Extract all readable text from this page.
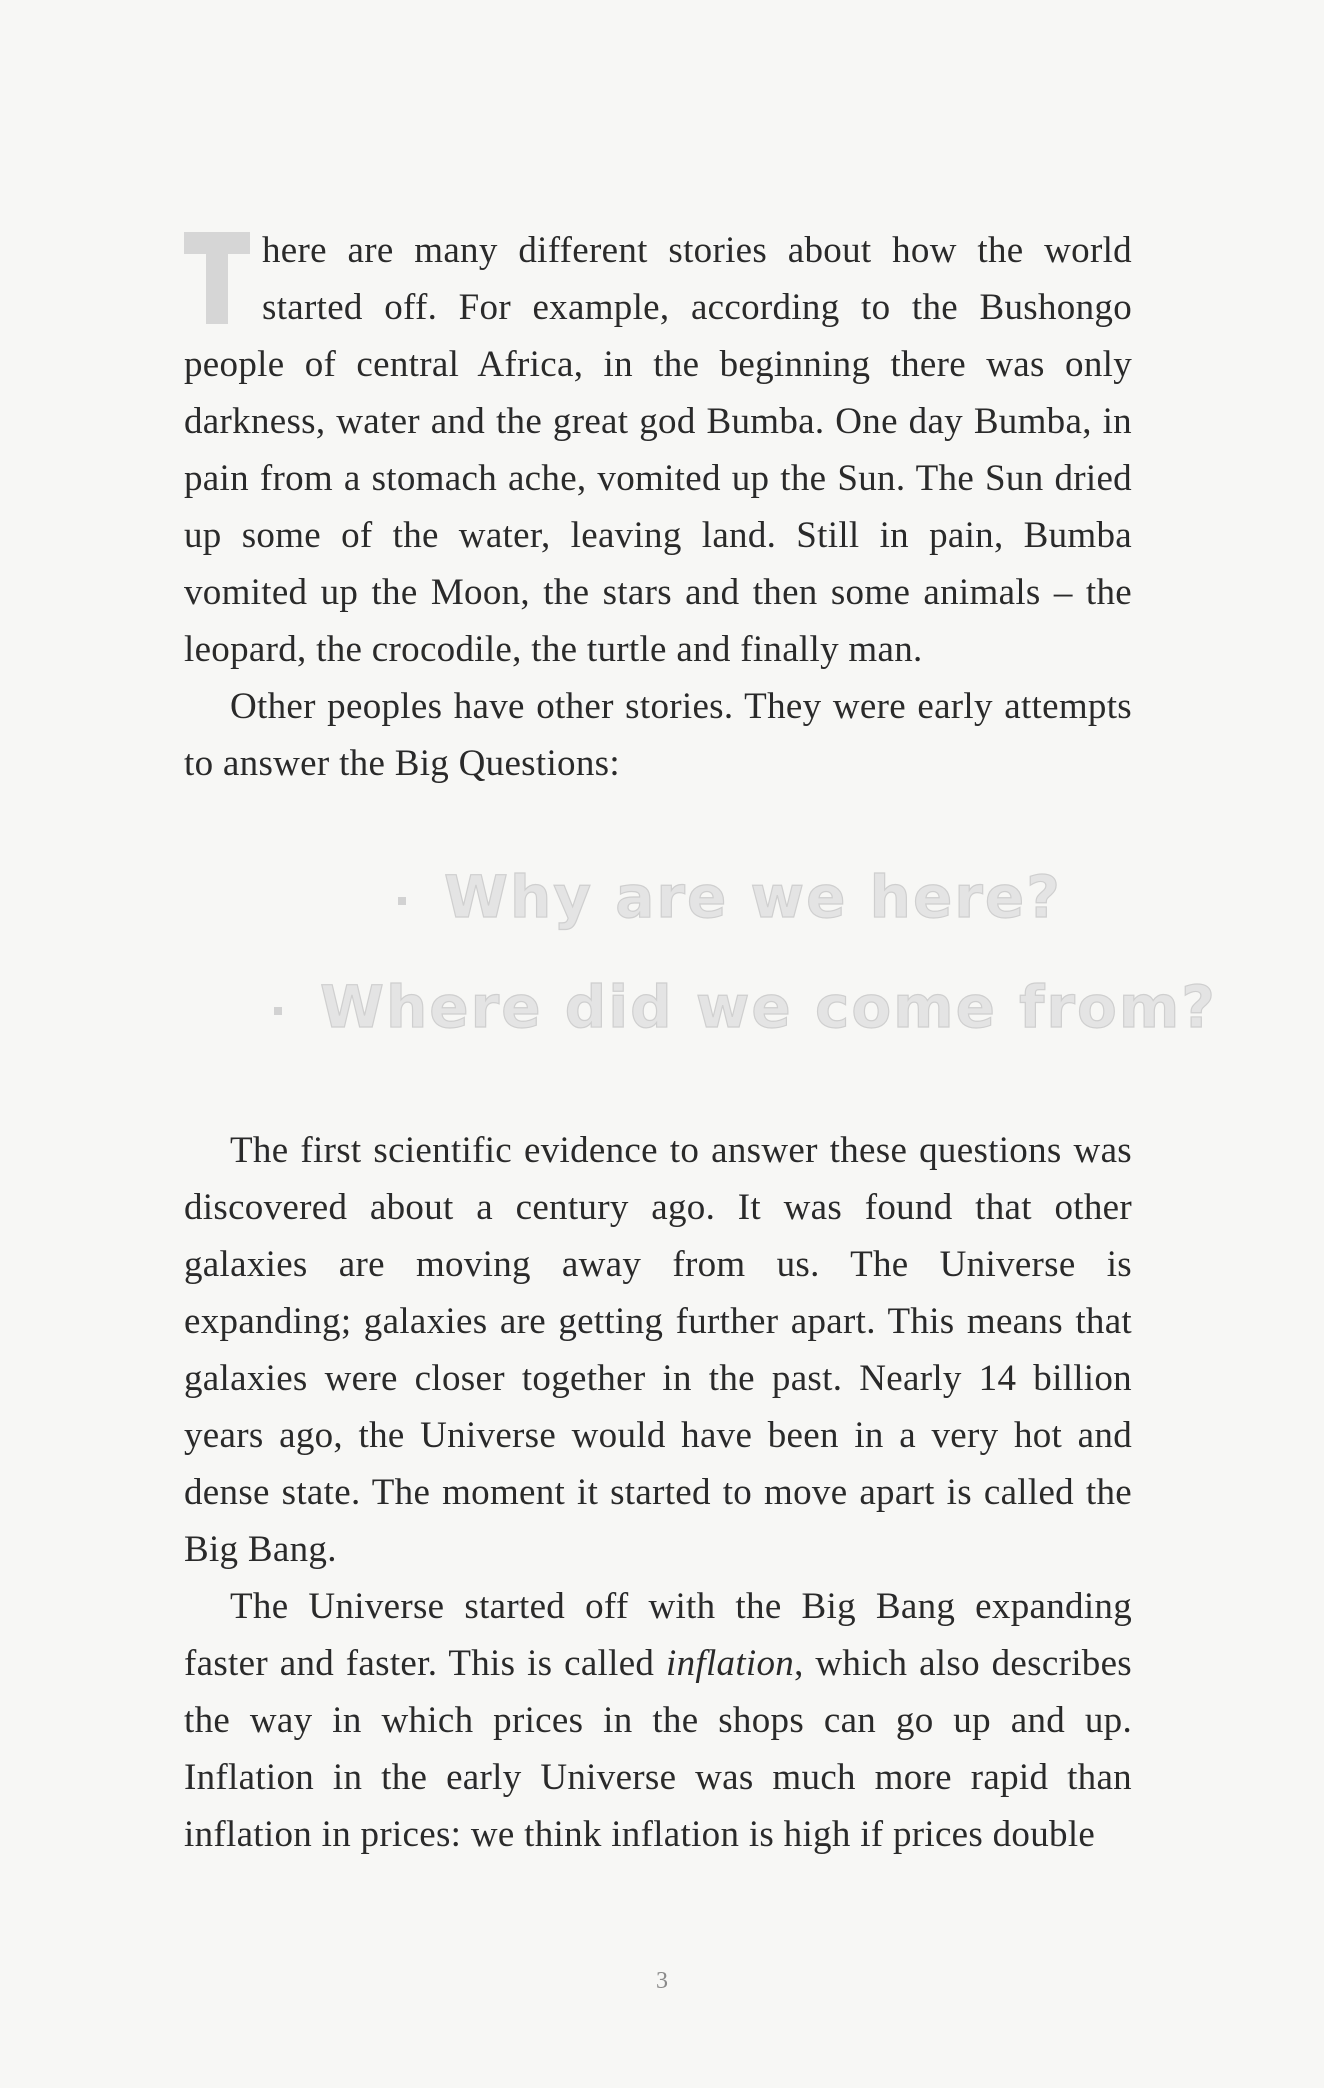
here are many different stories about how the world started off. For example, according to the Bushongo people of central Africa, in the beginning there was only darkness, water and the great god Bumba. One day Bumba, in pain from a stomach ache, vomited up the Sun. The Sun dried up some of the water, leaving land. Still in pain, Bumba vomited up the Moon, the stars and then some animals – the leopard, the crocodile, the turtle and finally man.

Other peoples have other stories. They were early attempts to answer the Big Questions:

Why are we here?
Where did we come from?

The first scientific evidence to answer these questions was discovered about a century ago. It was found that other galaxies are moving away from us. The Universe is expanding; galaxies are getting further apart. This means that galaxies were closer together in the past. Nearly 14 billion years ago, the Universe would have been in a very hot and dense state. The moment it started to move apart is called the Big Bang.

The Universe started off with the Big Bang expanding faster and faster. This is called inflation, which also describes the way in which prices in the shops can go up and up. Inflation in the early Universe was much more rapid than inflation in prices: we think inflation is high if prices double

3
